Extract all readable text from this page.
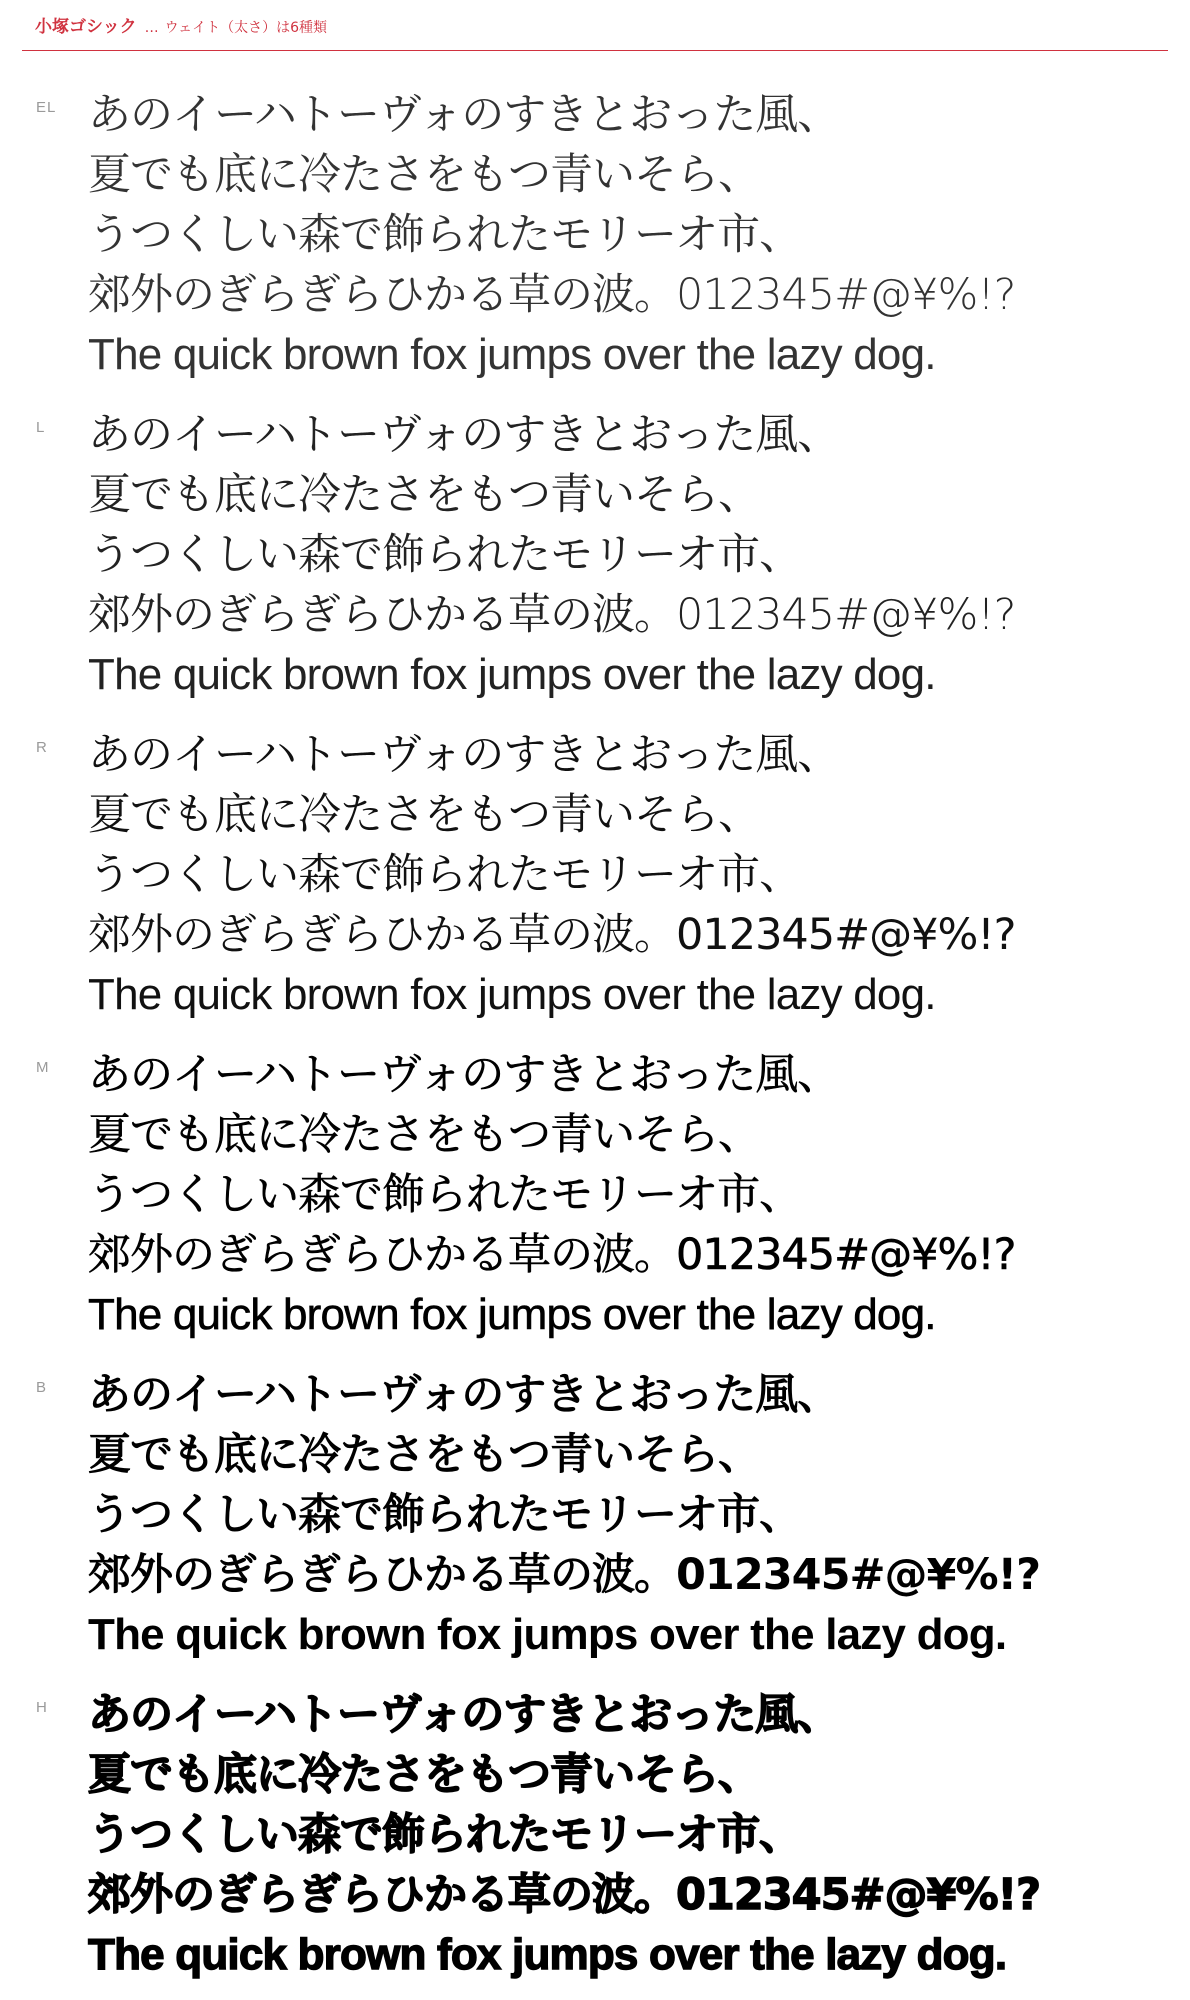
小塚ゴシック … ウェイト（太さ）は6種類
EL あのイーハトーヴォのすきとおった風、
夏でも底に冷たさをもつ青いそら、
うつくしい森で飾られたモリーオ市、
郊外のぎらぎらひかる草の波。012345#@¥%!?
The quick brown fox jumps over the lazy dog.
L あのイーハトーヴォのすきとおった風、
夏でも底に冷たさをもつ青いそら、
うつくしい森で飾られたモリーオ市、
郊外のぎらぎらひかる草の波。012345#@¥%!?
The quick brown fox jumps over the lazy dog.
R あのイーハトーヴォのすきとおった風、
夏でも底に冷たさをもつ青いそら、
うつくしい森で飾られたモリーオ市、
郊外のぎらぎらひかる草の波。012345#@¥%!?
The quick brown fox jumps over the lazy dog.
M あのイーハトーヴォのすきとおった風、
夏でも底に冷たさをもつ青いそら、
うつくしい森で飾られたモリーオ市、
郊外のぎらぎらひかる草の波。012345#@¥%!?
The quick brown fox jumps over the lazy dog.
B あのイーハトーヴォのすきとおった風、
夏でも底に冷たさをもつ青いそら、
うつくしい森で飾られたモリーオ市、
郊外のぎらぎらひかる草の波。012345#@¥%!?
The quick brown fox jumps over the lazy dog.
H あのイーハトーヴォのすきとおった風、
夏でも底に冷たさをもつ青いそら、
うつくしい森で飾られたモリーオ市、
郊外のぎらぎらひかる草の波。012345#@¥%!?
The quick brown fox jumps over the lazy dog.
